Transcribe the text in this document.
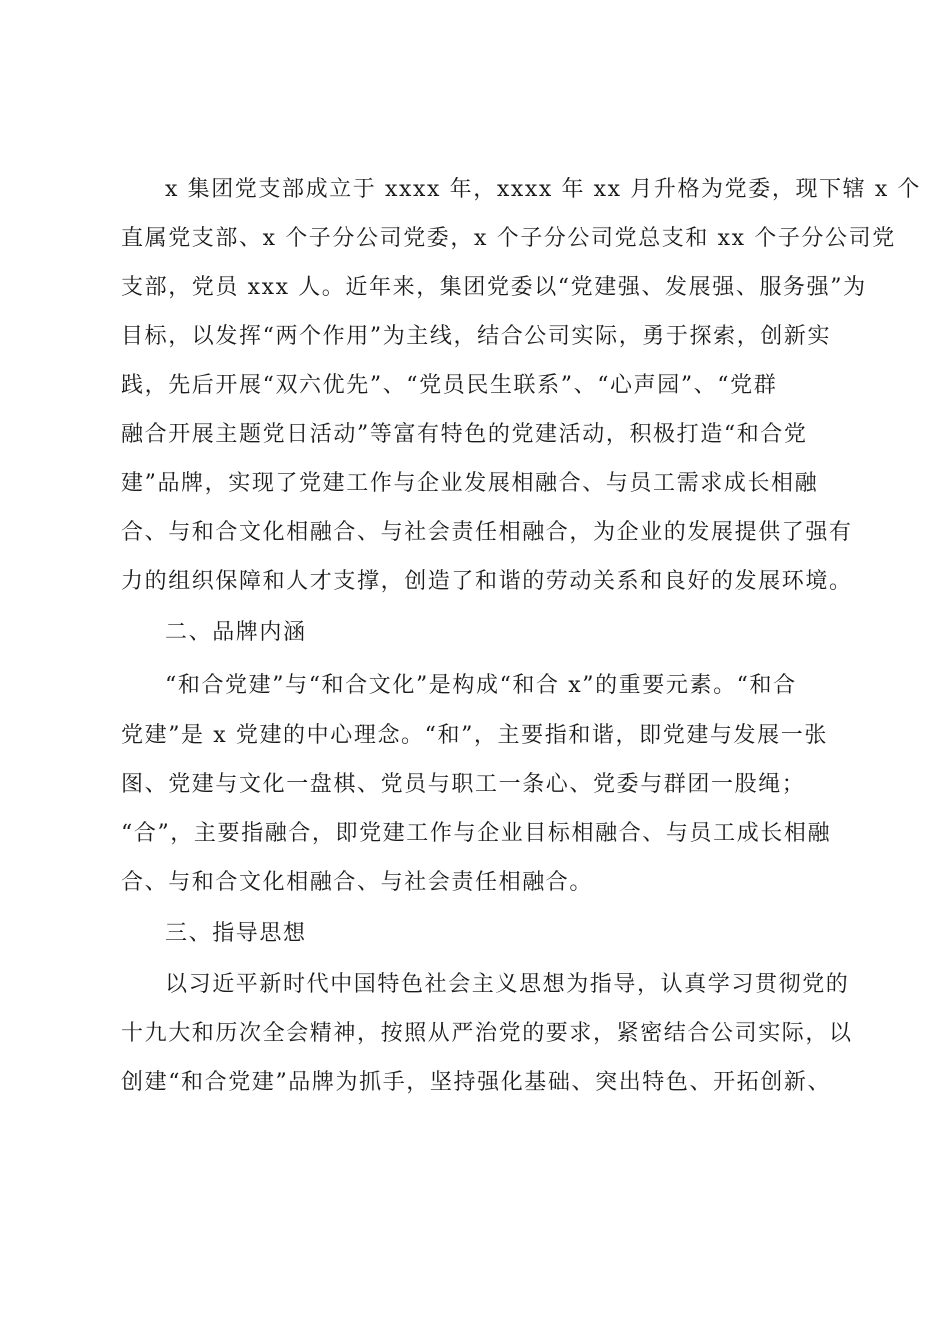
x 集团党支部成立于 xxxx 年，xxxx 年 xx 月升格为党委，现下辖 x 个
直属党支部、x 个子分公司党委，x 个子分公司党总支和 xx 个子分公司党
支部，党员 xxx 人。近年来，集团党委以“党建强、发展强、服务强”为
目标，以发挥“两个作用”为主线，结合公司实际，勇于探索，创新实
践，先后开展“双六优先”、“党员民生联系”、“心声园”、“党群
融合开展主题党日活动”等富有特色的党建活动，积极打造“和合党
建”品牌，实现了党建工作与企业发展相融合、与员工需求成长相融
合、与和合文化相融合、与社会责任相融合，为企业的发展提供了强有
力的组织保障和人才支撑，创造了和谐的劳动关系和良好的发展环境。
二、品牌内涵
“和合党建”与“和合文化”是构成“和合 x”的重要元素。“和合
党建”是 x 党建的中心理念。“和”，主要指和谐，即党建与发展一张
图、党建与文化一盘棋、党员与职工一条心、党委与群团一股绳；
“合”，主要指融合，即党建工作与企业目标相融合、与员工成长相融
合、与和合文化相融合、与社会责任相融合。
三、指导思想
以习近平新时代中国特色社会主义思想为指导，认真学习贯彻党的
十九大和历次全会精神，按照从严治党的要求，紧密结合公司实际，以
创建“和合党建”品牌为抓手，坚持强化基础、突出特色、开拓创新、
